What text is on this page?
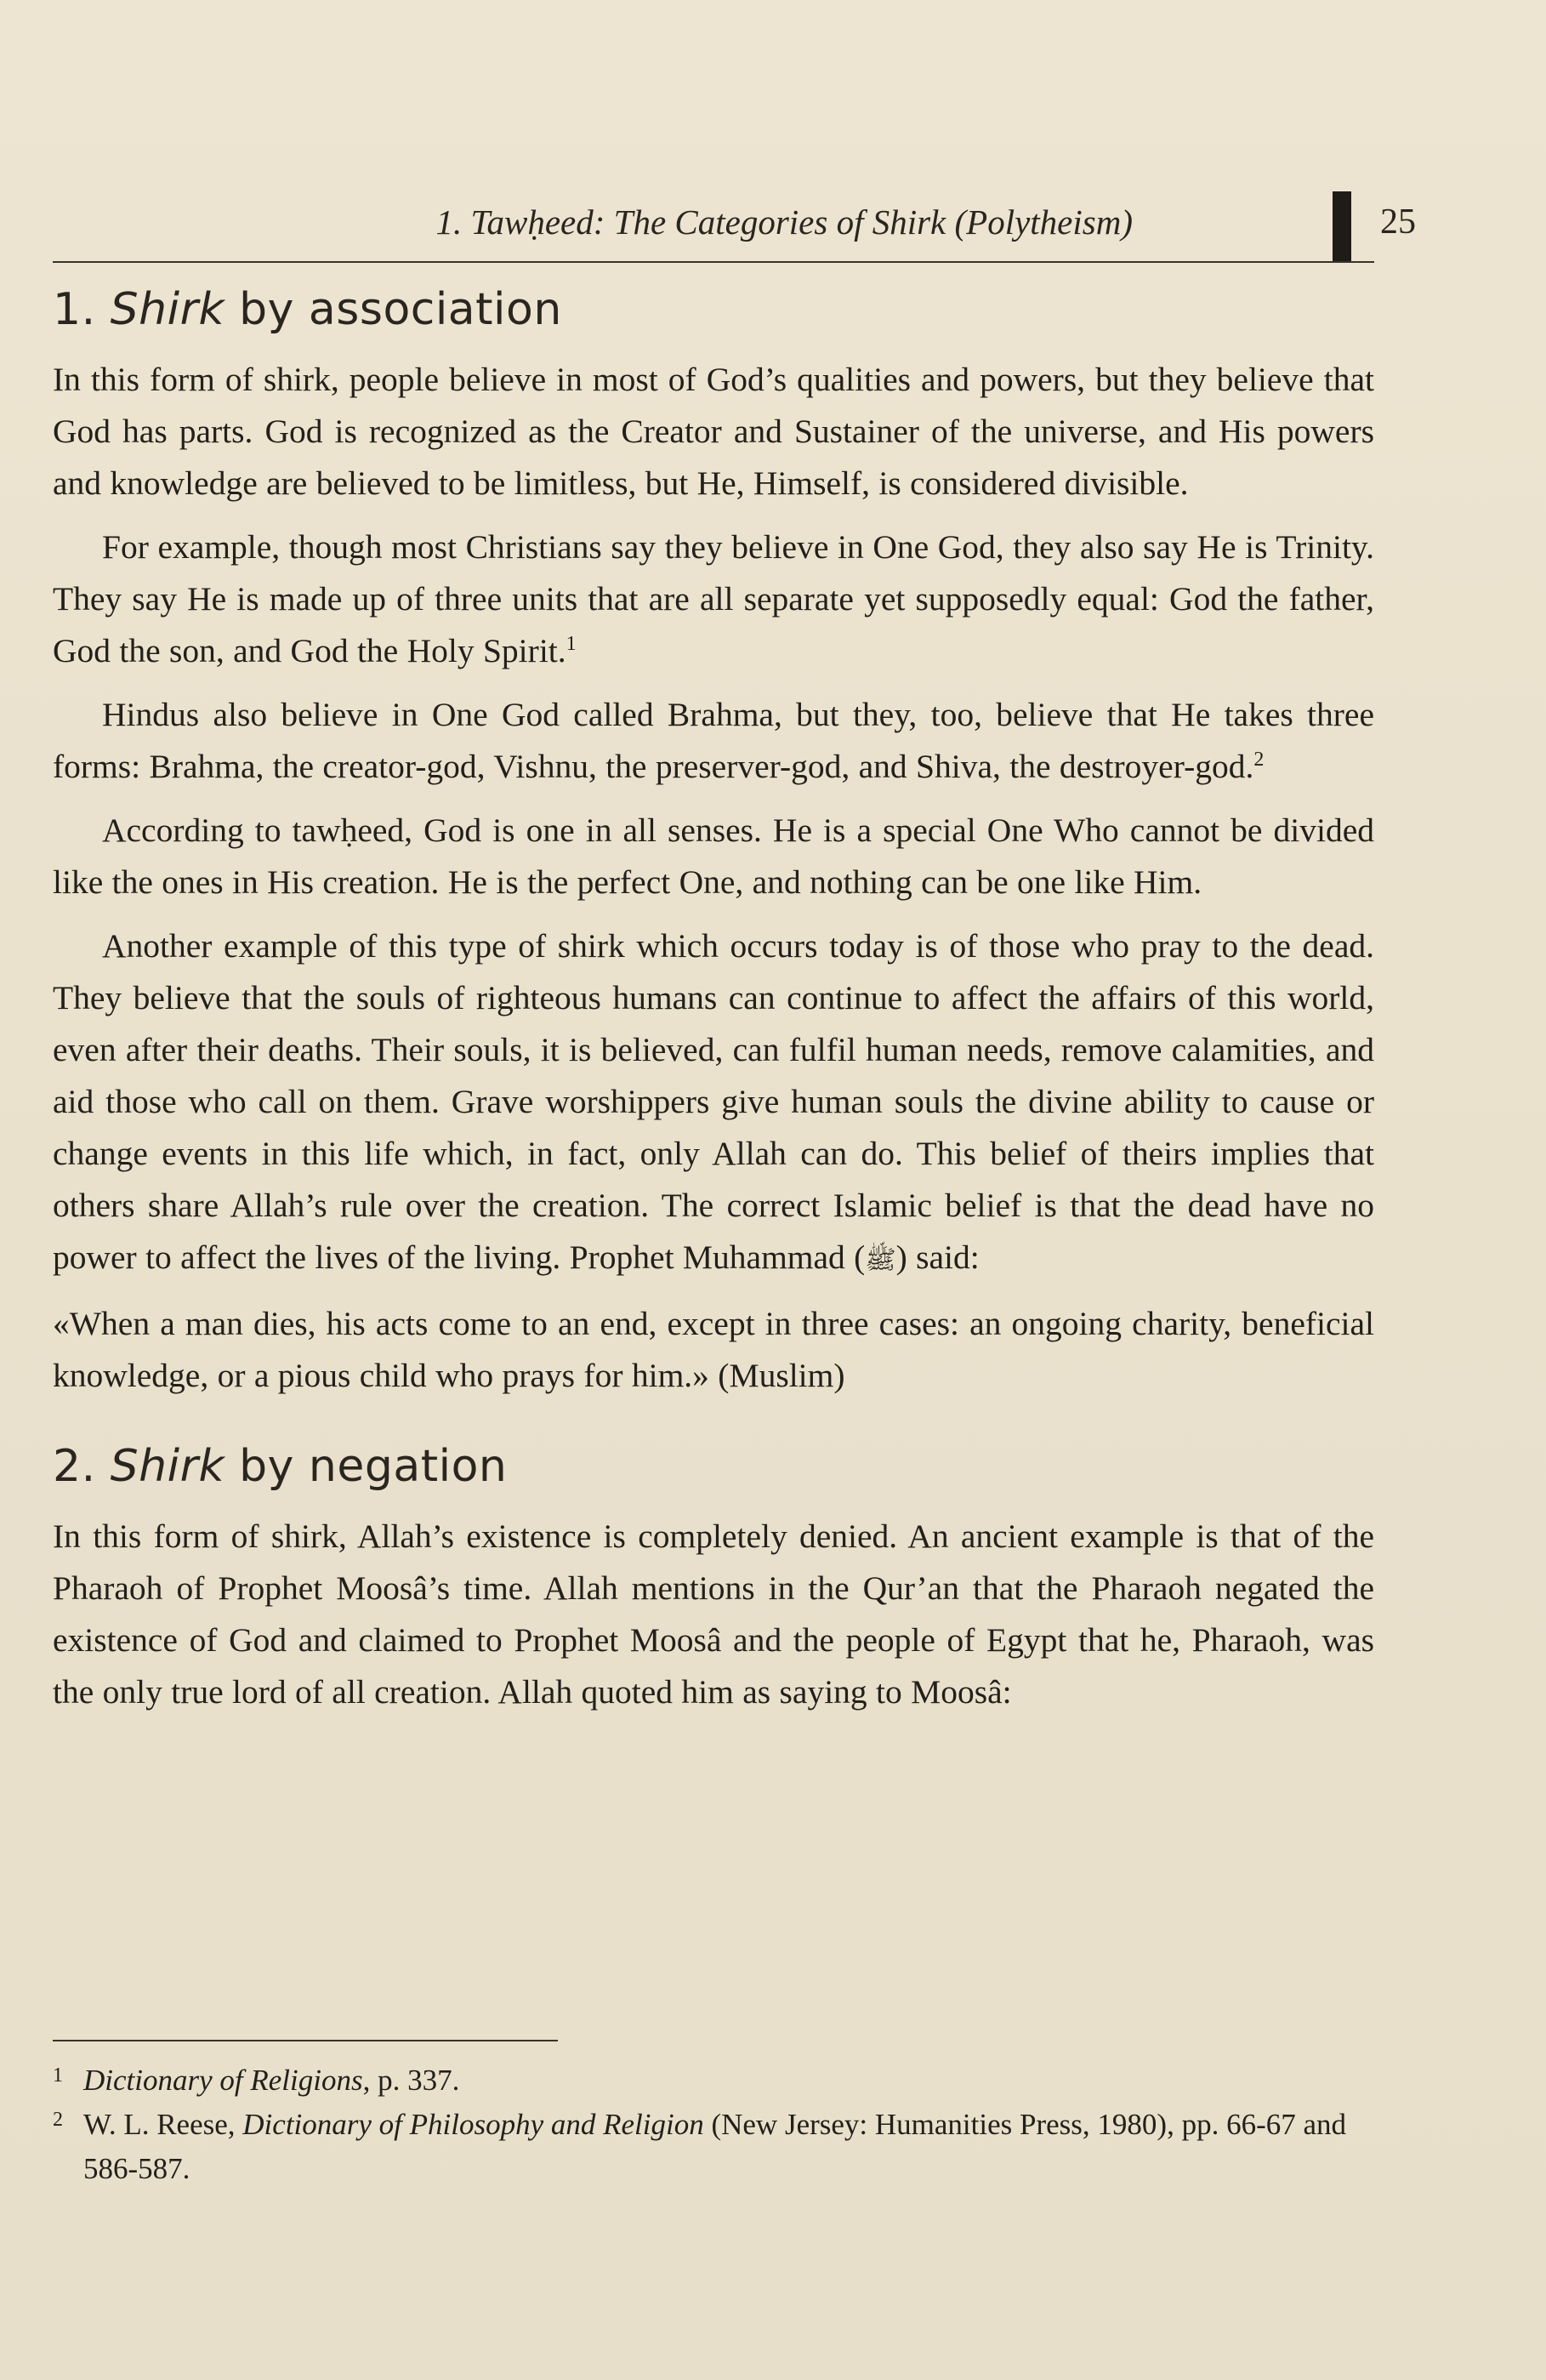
1. Tawḥeed: The Categories of Shirk (Polytheism)	25
1. Shirk by association

In this form of shirk, people believe in most of God’s qualities and powers, but they believe that God has parts. God is recognized as the Creator and Sustainer of the universe, and His powers and knowledge are believed to be limitless, but He, Himself, is considered divisible.

For example, though most Christians say they believe in One God, they also say He is Trinity. They say He is made up of three units that are all separate yet supposedly equal: God the father, God the son, and God the Holy Spirit.$^1$

Hindus also believe in One God called Brahma, but they, too, believe that He takes three forms: Brahma, the creator-god, Vishnu, the preserver-god, and Shiva, the destroyer-god.$^2$

According to tawḥeed, God is one in all senses. He is a special One Who cannot be divided like the ones in His creation. He is the perfect One, and nothing can be one like Him.

Another example of this type of shirk which occurs today is of those who pray to the dead. They believe that the souls of righteous humans can continue to affect the affairs of this world, even after their deaths. Their souls, it is believed, can fulfil human needs, remove calamities, and aid those who call on them. Grave worshippers give human souls the divine ability to cause or change events in this life which, in fact, only Allah can do. This belief of theirs implies that others share Allah’s rule over the creation. The correct Islamic belief is that the dead have no power to affect the lives of the living. Prophet Muhammad (ﷺ) said:

«When a man dies, his acts come to an end, except in three cases: an ongoing charity, beneficial knowledge, or a pious child who prays for him.» (Muslim)

2. Shirk by negation

In this form of shirk, Allah’s existence is completely denied. An ancient example is that of the Pharaoh of Prophet Moosâ’s time. Allah mentions in the Qur’an that the Pharaoh negated the existence of God and claimed to Prophet Moosâ and the people of Egypt that he, Pharaoh, was the only true lord of all creation. Allah quoted him as saying to Moosâ:

1 Dictionary of Religions, p. 337.
2 W. L. Reese, Dictionary of Philosophy and Religion (New Jersey: Humanities Press, 1980), pp. 66-67 and 586-587.
